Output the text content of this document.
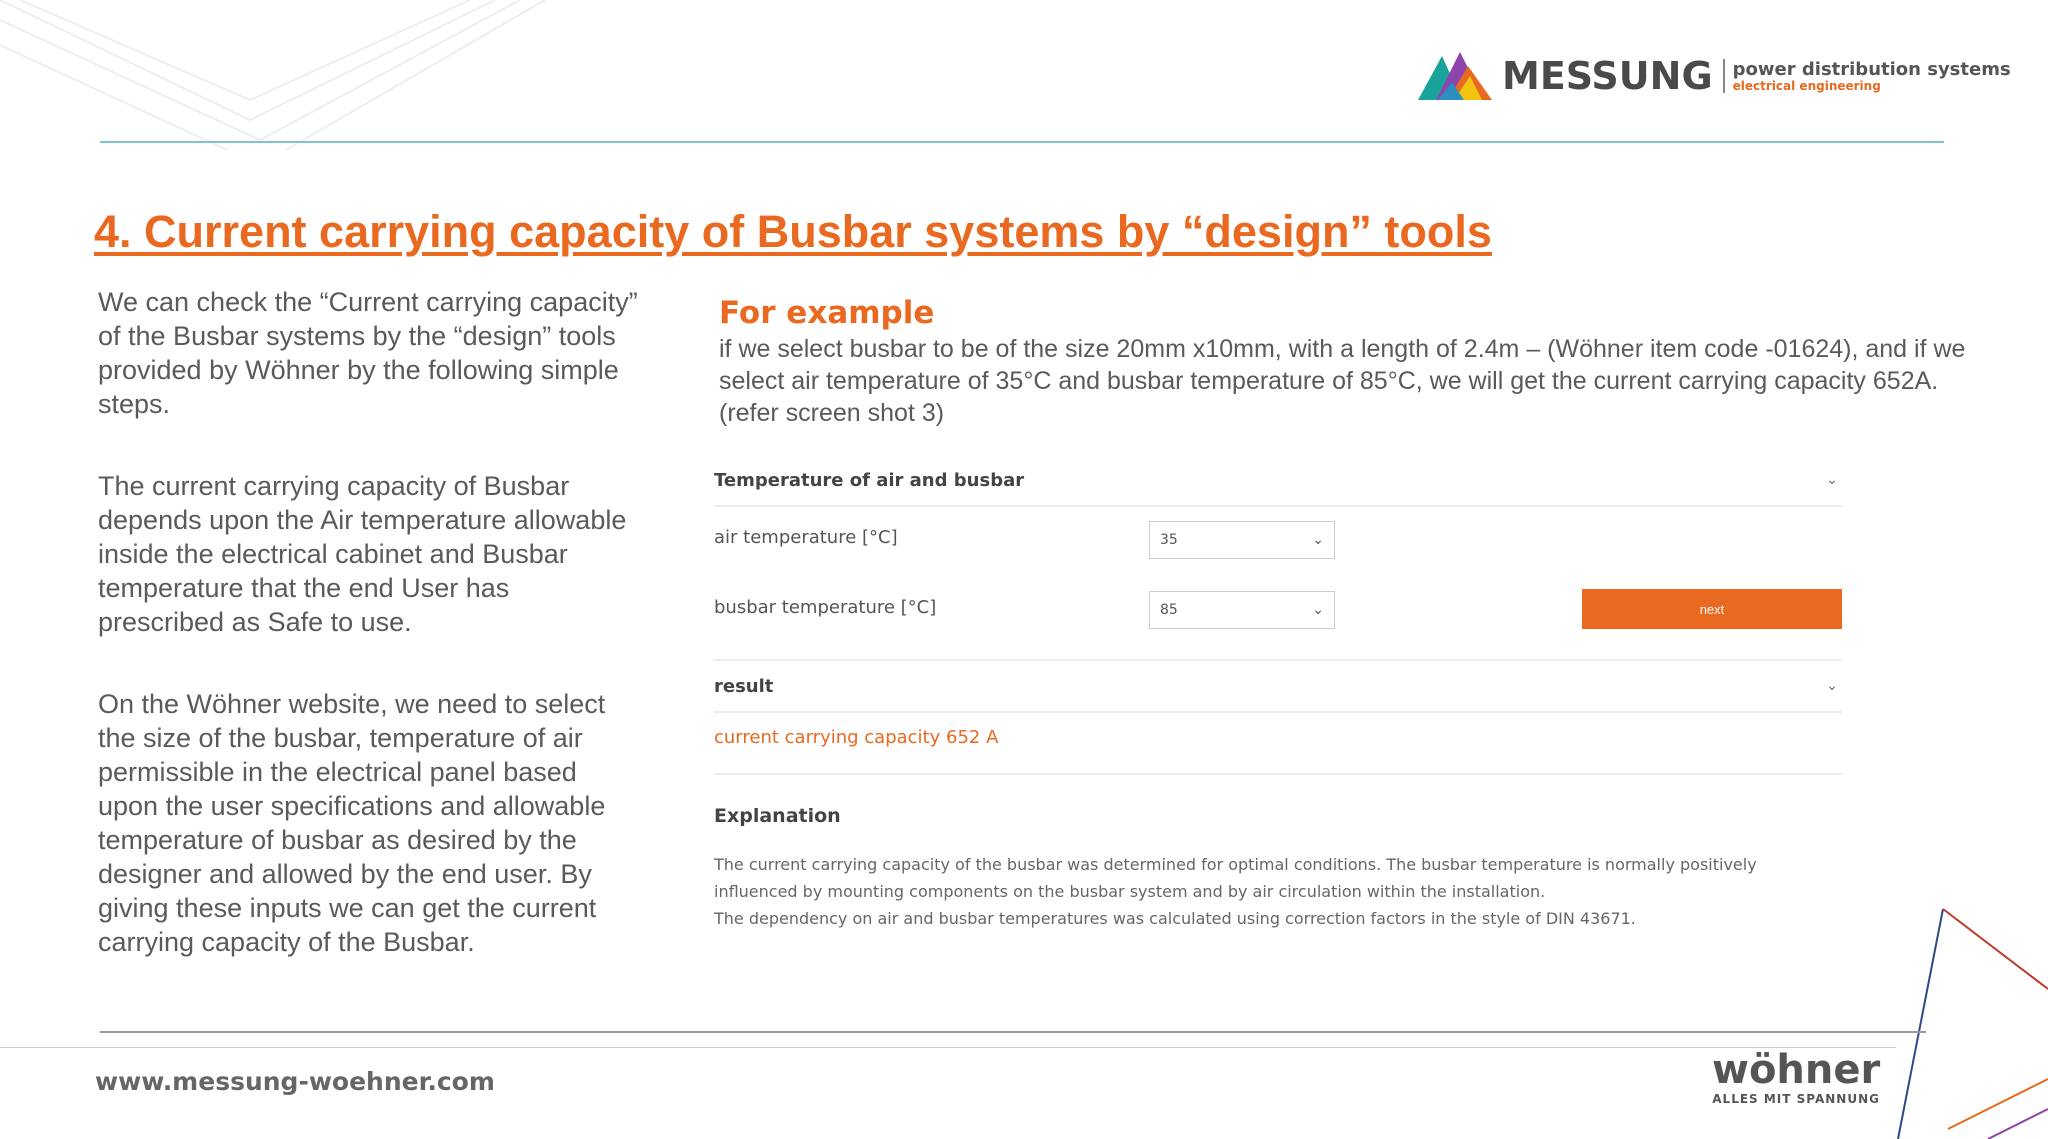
MESSUNG power distribution systems
electrical engineering
4. Current carrying capacity of Busbar systems by “design” tools

We can check the “Current carrying capacity” of the Busbar systems by the “design” tools provided by Wöhner by the following simple steps.

The current carrying capacity of Busbar depends upon the Air temperature allowable inside the electrical cabinet and Busbar temperature that the end User has prescribed as Safe to use.

On the Wöhner website, we need to select the size of the busbar, temperature of air permissible in the electrical panel based upon the user specifications and allowable temperature of busbar as desired by the designer and allowed by the end user. By giving these inputs we can get the current carrying capacity of the Busbar.

For example
if we select busbar to be of the size 20mm x10mm, with a length of 2.4m – (Wöhner item code -01624), and if we select air temperature of 35°C and busbar temperature of 85°C, we will get the current carrying capacity 652A. (refer screen shot 3)
Temperature of air and busbar	⌄
air temperature [°C]	35	⌄
busbar temperature [°C]	85	⌄	next
result	⌄
current carrying capacity 652 A
Explanation
The current carrying capacity of the busbar was determined for optimal conditions. The busbar temperature is normally positively
influenced by mounting components on the busbar system and by air circulation within the installation.
The dependency on air and busbar temperatures was calculated using correction factors in the style of DIN 43671.
www.messung-woehner.com	wöhner
ALLES MIT SPANNUNG
